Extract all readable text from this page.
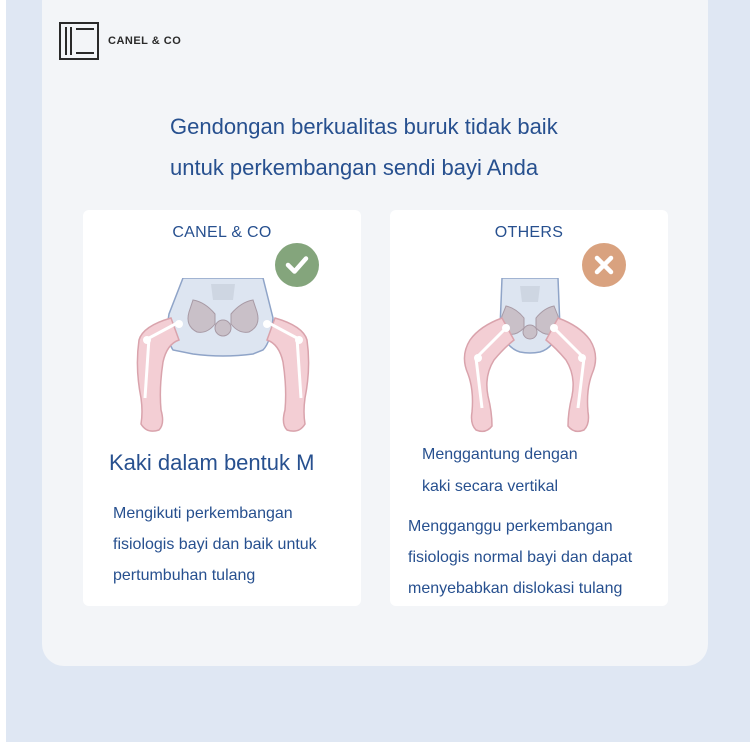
CANEL & CO
Gendongan berkualitas buruk tidak baik
untuk perkembangan sendi bayi Anda
CANEL & CO
Kaki dalam bentuk M
Mengikuti perkembangan
fisiologis bayi dan baik untuk
pertumbuhan tulang
OTHERS
Menggantung dengan
kaki secara vertikal
Mengganggu perkembangan
fisiologis normal bayi dan dapat
menyebabkan dislokasi tulang
